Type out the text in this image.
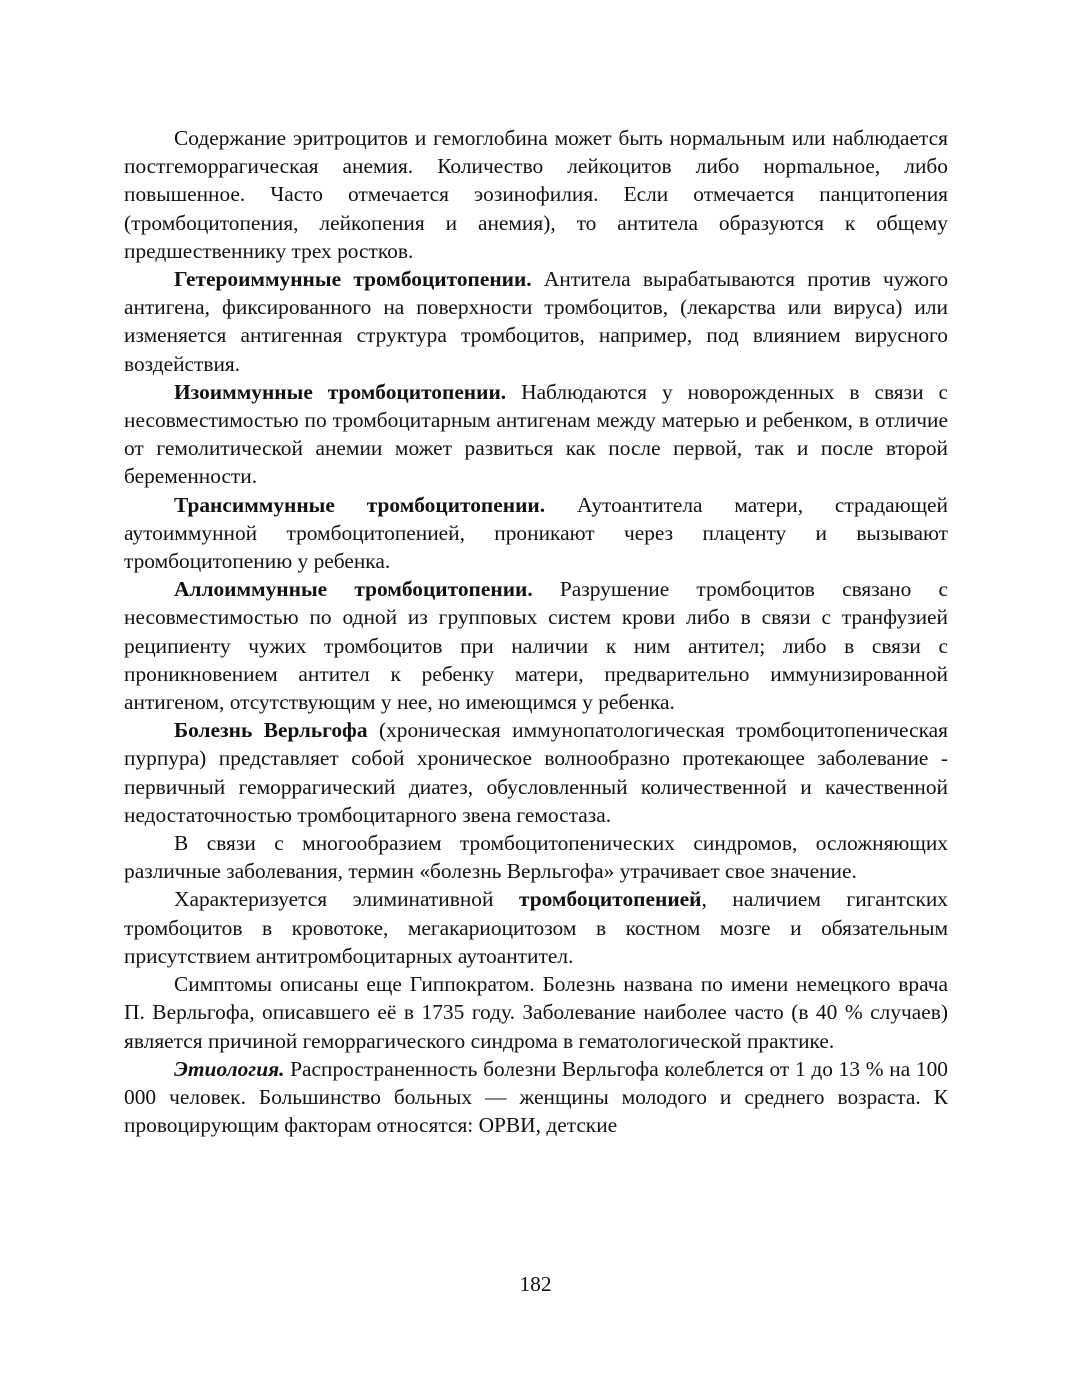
Содержание эритроцитов и гемоглобина может быть нормальным или наблюдается постгеморрагическая анемия. Количество лейкоцитов либо норmальное, либо повышенное. Часто отмечается эозинофилия. Если отмечается панцитопения (тромбоцитопения, лейкопения и анемия), то антитела образуются к общему предшественнику трех ростков.

Гетероиммунные тромбоцитопении. Антитела вырабатываются против чужого антигена, фиксированного на поверхности тромбоцитов, (лекарства или вируса) или изменяется антигенная структура тромбоцитов, например, под влиянием вирусного воздействия.

Изоиммунные тромбоцитопении. Наблюдаются у новорожденных в связи с несовместимостью по тромбоцитарным антигенам между матерью и ребенком, в отличие от гемолитической анемии может развиться как после первой, так и после второй беременности.

Трансиммунные тромбоцитопении. Аутоантитела матери, страдающей аутоиммунной тромбоцитопенией, проникают через плаценту и вызывают тромбоцитопению у ребенка.

Аллоиммунные тромбоцитопении. Разрушение тромбоцитов связано с несовместимостью по одной из групповых систем крови либо в связи с транфузией реципиенту чужих тромбоцитов при наличии к ним антител; либо в связи с проникновением антител к ребенку матери, предварительно иммунизированной антигеном, отсутствующим у нее, но имеющимся у ребенка.

Болезнь Верльгофа (хроническая иммунопатологическая тромбоцитопеническая пурпура) представляет собой хроническое волнообразно протекающее заболевание - первичный геморрагический диатез, обусловленный количественной и качественной недостаточностью тромбоцитарного звена гемостаза.

В связи с многообразием тромбоцитопенических синдромов, осложняющих различные заболевания, термин «болезнь Верльгофа» утрачивает свое значение.

Характеризуется элиминативной тромбоцитопенией, наличием гигантских тромбоцитов в кровотоке, мегакариоцитозом в костном мозге и обязательным присутствием антитромбоцитарных аутоантител.

Симптомы описаны еще Гиппократом. Болезнь названа по имени немецкого врача П. Верльгофа, описавшего её в 1735 году. Заболевание наиболее часто (в 40 % случаев) является причиной геморрагического синдрома в гематологической практике.

Этиология. Распространенность болезни Верльгофа колеблется от 1 до 13 % на 100 000 человек. Большинство больных — женщины молодого и среднего возраста. К провоцирующим факторам относятся: ОРВИ, детские

182
